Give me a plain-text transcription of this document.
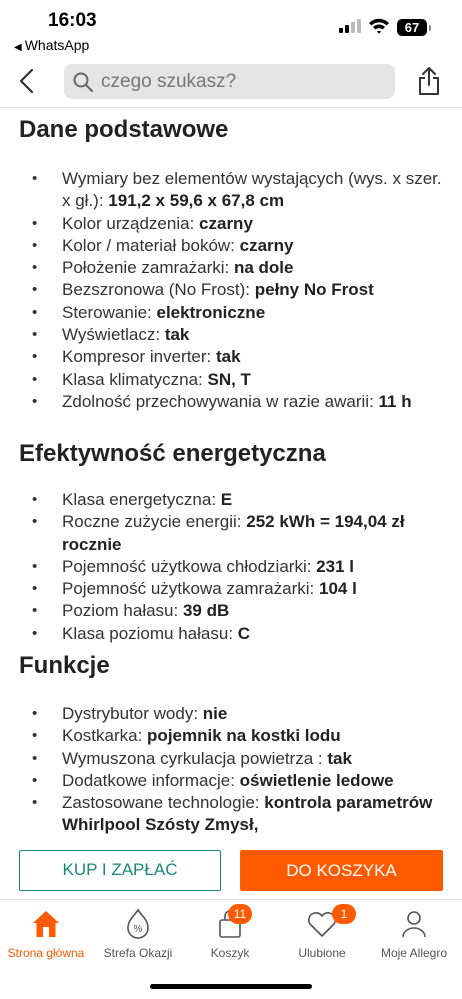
16:03
◀ WhatsApp
67
czego szukasz?
Dane podstawowe
• Wymiary bez elementów wystających (wys. x szer. x gł.): 191,2 x 59,6 x 67,8 cm
• Kolor urządzenia: czarny
• Kolor / materiał boków: czarny
• Położenie zamrażarki: na dole
• Bezszronowa (No Frost): pełny No Frost
• Sterowanie: elektroniczne
• Wyświetlacz: tak
• Kompresor inverter: tak
• Klasa klimatyczna: SN, T
• Zdolność przechowywania w razie awarii: 11 h
Efektywność energetyczna
• Klasa energetyczna: E
• Roczne zużycie energii: 252 kWh = 194,04 zł rocznie
• Pojemność użytkowa chłodziarki: 231 l
• Pojemność użytkowa zamrażarki: 104 l
• Poziom hałasu: 39 dB
• Klasa poziomu hałasu: C
Funkcje
• Dystrybutor wody: nie
• Kostkarka: pojemnik na kostki lodu
• Wymuszona cyrkulacja powietrza : tak
• Dodatkowe informacje: oświetlenie ledowe
• Zastosowane technologie: kontrola parametrów Whirlpool Szósty Zmysł,
KUP I ZAPŁAĆ	DO KOSZYKA
Strona główna
%
Strefa Okazji
11
Koszyk
1
Ulubione	Moje Allegro
